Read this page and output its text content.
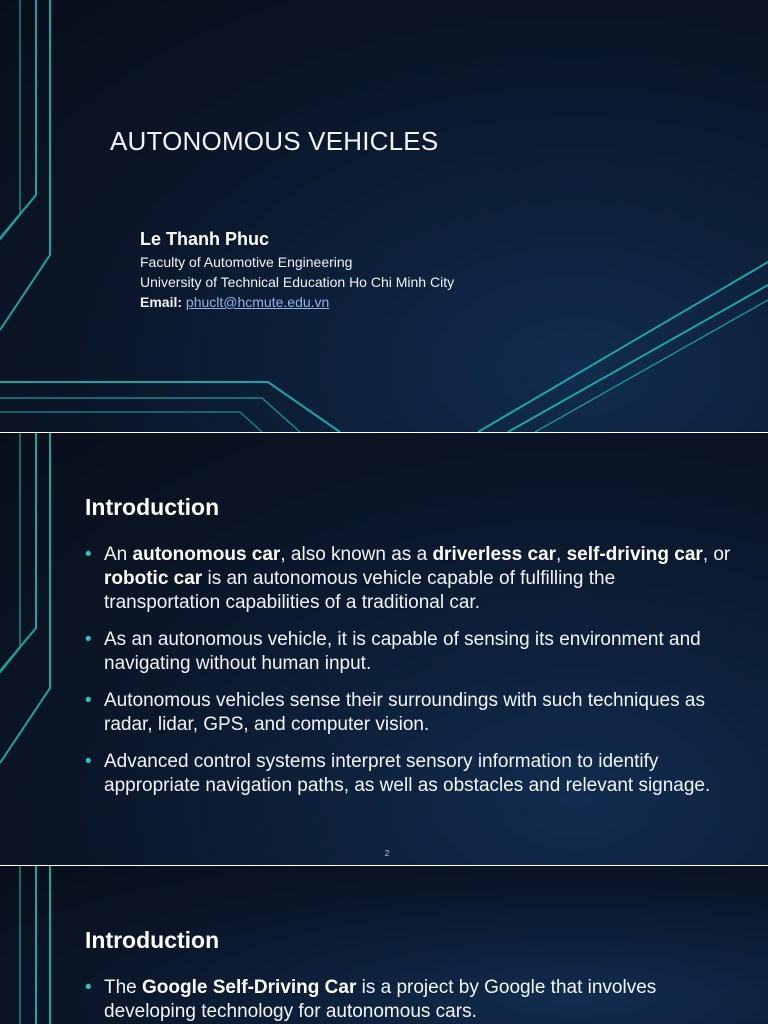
AUTONOMOUS VEHICLES
Le Thanh Phuc
Faculty of Automotive Engineering
University of Technical Education Ho Chi Minh City
Email: phuclt@hcmute.edu.vn
Introduction
• An autonomous car, also known as a driverless car, self-driving car, or robotic car is an autonomous vehicle capable of fulfilling the transportation capabilities of a traditional car.
• As an autonomous vehicle, it is capable of sensing its environment and navigating without human input.
• Autonomous vehicles sense their surroundings with such techniques as radar, lidar, GPS, and computer vision.
• Advanced control systems interpret sensory information to identify appropriate navigation paths, as well as obstacles and relevant signage.
2
Introduction
• The Google Self-Driving Car is a project by Google that involves developing technology for autonomous cars.
